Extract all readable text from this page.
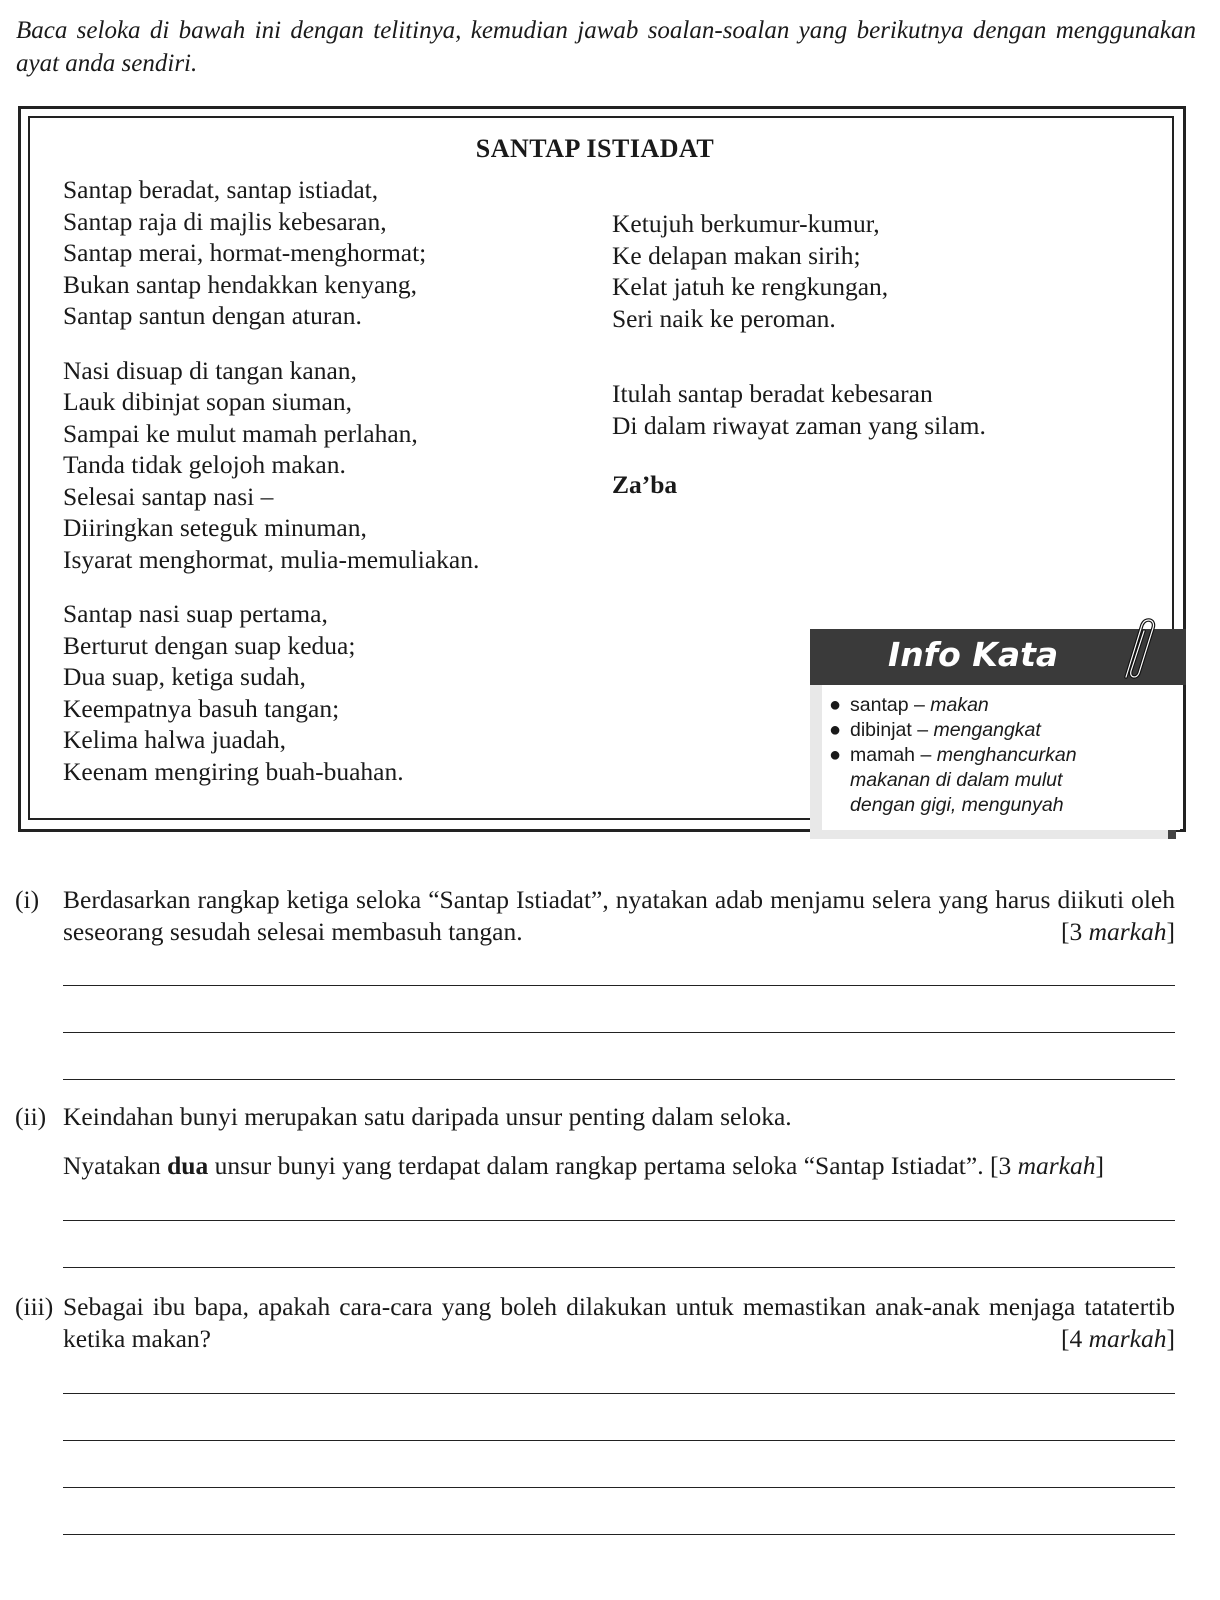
Baca seloka di bawah ini dengan telitinya, kemudian jawab soalan-soalan yang berikutnya dengan menggunakan ayat anda sendiri.
SANTAP ISTIADAT
Santap beradat, santap istiadat,
Santap raja di majlis kebesaran,
Santap merai, hormat-menghormat;
Bukan santap hendakkan kenyang,
Santap santun dengan aturan.
Nasi disuap di tangan kanan,
Lauk dibinjat sopan siuman,
Sampai ke mulut mamah perlahan,
Tanda tidak gelojoh makan.
Selesai santap nasi –
Diiringkan seteguk minuman,
Isyarat menghormat, mulia-memuliakan.
Santap nasi suap pertama,
Berturut dengan suap kedua;
Dua suap, ketiga sudah,
Keempatnya basuh tangan;
Kelima halwa juadah,
Keenam mengiring buah-buahan.
Ketujuh berkumur-kumur,
Ke delapan makan sirih;
Kelat jatuh ke rengkungan,
Seri naik ke peroman.
Itulah santap beradat kebesaran
Di dalam riwayat zaman yang silam.
Za’ba
Info Kata
● santap – makan
● dibinjat – mengangkat
● mamah – menghancurkan
makanan di dalam mulut
dengan gigi, mengunyah
(i) Berdasarkan rangkap ketiga seloka “Santap Istiadat”, nyatakan adab menjamu selera yang harus diikuti oleh seseorang sesudah selesai membasuh tangan.	[3 markah]
(ii) Keindahan bunyi merupakan satu daripada unsur penting dalam seloka.
Nyatakan dua unsur bunyi yang terdapat dalam rangkap pertama seloka “Santap Istiadat”. [3 markah]
(iii) Sebagai ibu bapa, apakah cara-cara yang boleh dilakukan untuk memastikan anak-anak menjaga tatatertib ketika makan?	[4 markah]
